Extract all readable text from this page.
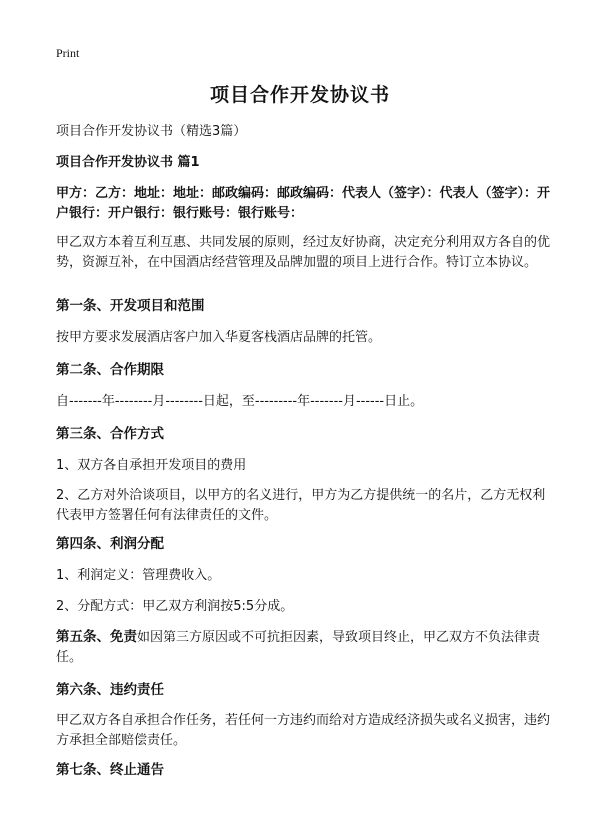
Print
项目合作开发协议书
项目合作开发协议书（精选3篇）
项目合作开发协议书 篇1
甲方：乙方：地址：地址：邮政编码：邮政编码：代表人（签字）：代表人（签字）：开户银行：开户银行：银行账号：银行账号：
甲乙双方本着互利互惠、共同发展的原则，经过友好协商，决定充分利用双方各自的优势，资源互补，在中国酒店经营管理及品牌加盟的项目上进行合作。特订立本协议。
第一条、开发项目和范围
按甲方要求发展酒店客户加入华夏客栈酒店品牌的托管。
第二条、合作期限
自-------年--------月--------日起，至---------年-------月------日止。
第三条、合作方式
1、双方各自承担开发项目的费用
2、乙方对外洽谈项目，以甲方的名义进行，甲方为乙方提供统一的名片，乙方无权利代表甲方签署任何有法律责任的文件。
第四条、利润分配
1、利润定义：管理费收入。
2、分配方式：甲乙双方利润按5:5分成。
第五条、免责如因第三方原因或不可抗拒因素，导致项目终止，甲乙双方不负法律责任。
第六条、违约责任
甲乙双方各自承担合作任务，若任何一方违约而给对方造成经济损失或名义损害，违约方承担全部赔偿责任。
第七条、终止通告
